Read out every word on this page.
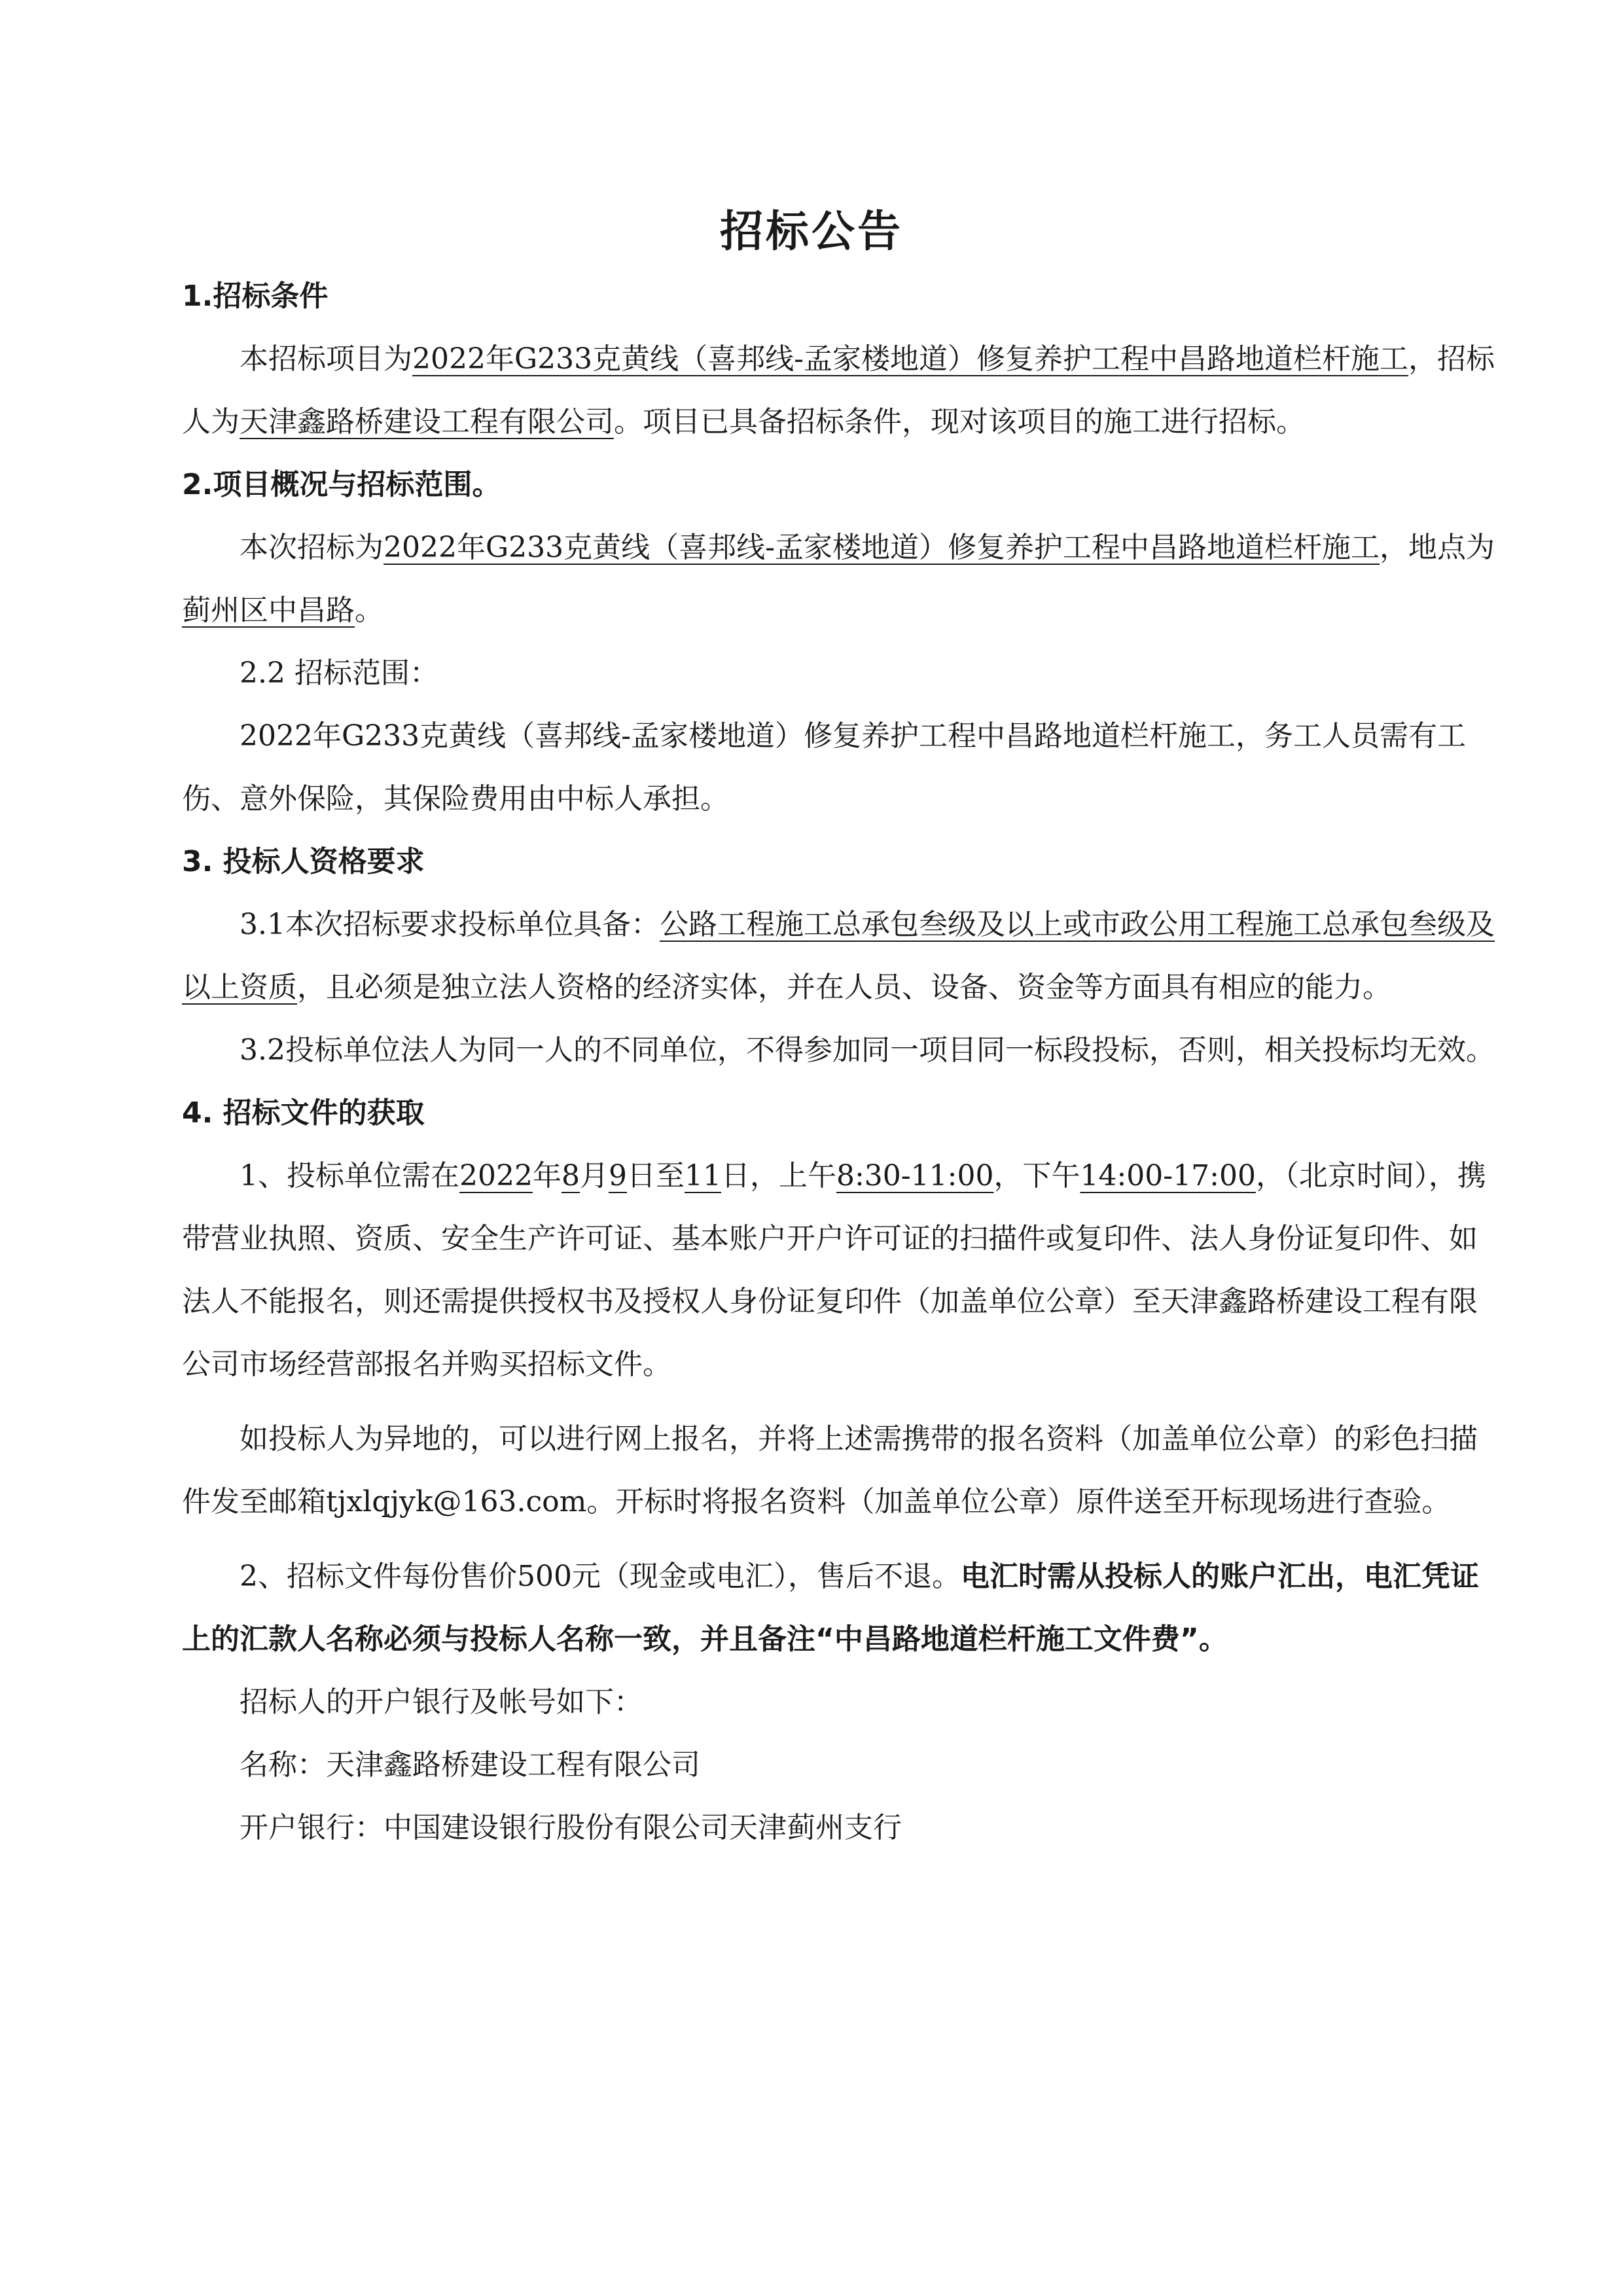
招标公告

1.招标条件

本招标项目为2022年G233克黄线（喜邦线-孟家楼地道）修复养护工程中昌路地道栏杆施工，招标人为天津鑫路桥建设工程有限公司。项目已具备招标条件，现对该项目的施工进行招标。

2.项目概况与招标范围。

本次招标为2022年G233克黄线（喜邦线-孟家楼地道）修复养护工程中昌路地道栏杆施工，地点为蓟州区中昌路。

2.2 招标范围：

2022年G233克黄线（喜邦线-孟家楼地道）修复养护工程中昌路地道栏杆施工，务工人员需有工伤、意外保险，其保险费用由中标人承担。

3. 投标人资格要求

3.1本次招标要求投标单位具备：公路工程施工总承包叁级及以上或市政公用工程施工总承包叁级及以上资质，且必须是独立法人资格的经济实体，并在人员、设备、资金等方面具有相应的能力。

3.2投标单位法人为同一人的不同单位，不得参加同一项目同一标段投标，否则，相关投标均无效。

4. 招标文件的获取

1、投标单位需在2022年8月9日至11日，上午8:30-11:00，下午14:00-17:00，（北京时间），携带营业执照、资质、安全生产许可证、基本账户开户许可证的扫描件或复印件、法人身份证复印件、如法人不能报名，则还需提供授权书及授权人身份证复印件（加盖单位公章）至天津鑫路桥建设工程有限公司市场经营部报名并购买招标文件。

如投标人为异地的，可以进行网上报名，并将上述需携带的报名资料（加盖单位公章）的彩色扫描件发至邮箱tjxlqjyk@163.com。开标时将报名资料（加盖单位公章）原件送至开标现场进行查验。

2、招标文件每份售价500元（现金或电汇），售后不退。电汇时需从投标人的账户汇出，电汇凭证上的汇款人名称必须与投标人名称一致，并且备注“中昌路地道栏杆施工文件费”。

招标人的开户银行及帐号如下：

名称：天津鑫路桥建设工程有限公司

开户银行：中国建设银行股份有限公司天津蓟州支行
